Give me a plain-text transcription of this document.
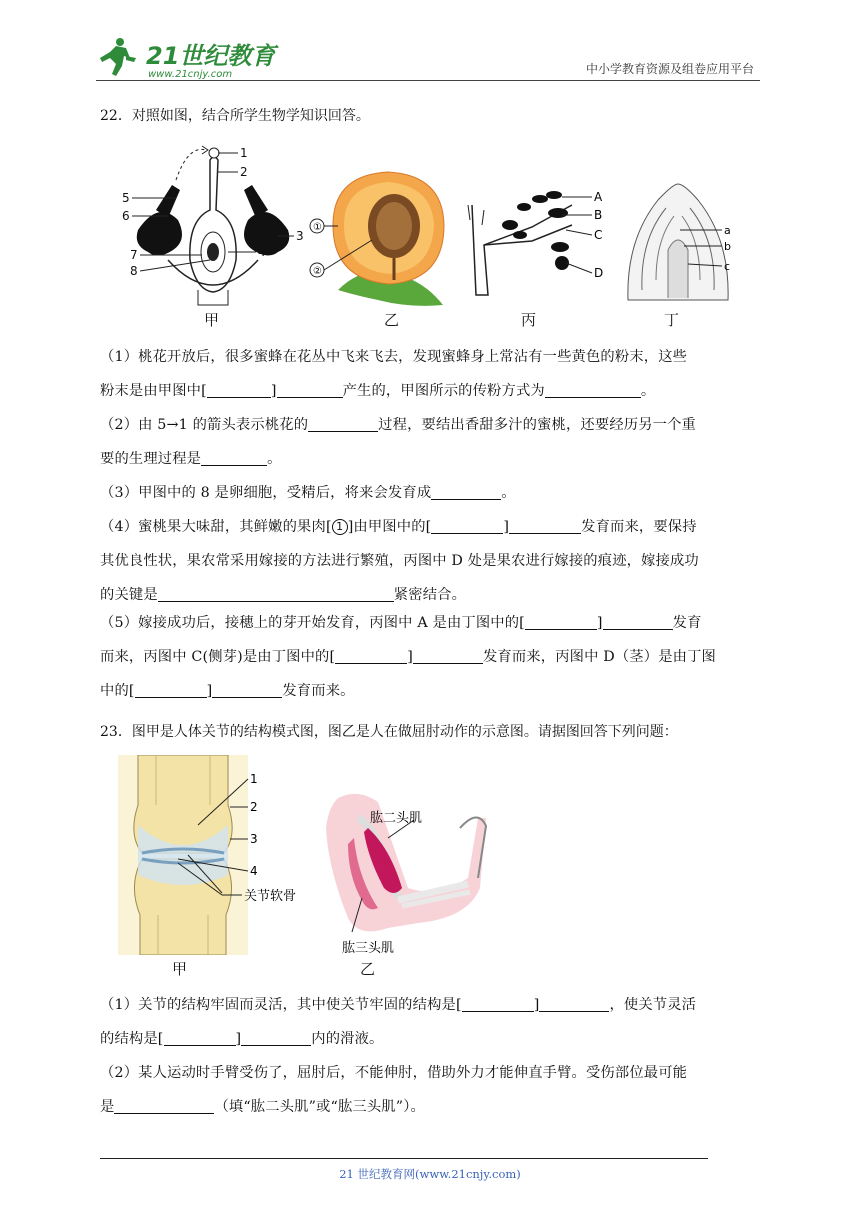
21世纪教育
www.21cnjy.com	中小学教育资源及组卷应用平台
22．对照如图，结合所学生物学知识回答。
1
2
3
4
5
6
7
8
甲
①
②
乙
A
B
C
D
丙
a
b
c
丁
（1）桃花开放后，很多蜜蜂在花丛中飞来飞去，发现蜜蜂身上常沾有一些黄色的粉末，这些
粉末是由甲图中[	]	产生的，甲图所示的传粉方式为	。
（2）由 5→1 的箭头表示桃花的	过程，要结出香甜多汁的蜜桃，还要经历另一个重
要的生理过程是	。
（3）甲图中的 8 是卵细胞，受精后，将来会发育成	。
（4）蜜桃果大味甜，其鲜嫩的果肉[ 1 ]由甲图中的[	]	发育而来，要保持
其优良性状，果农常采用嫁接的方法进行繁殖，丙图中 D 处是果农进行嫁接的痕迹，嫁接成功
的关键是	紧密结合。
（5）嫁接成功后，接穗上的芽开始发育，丙图中 A 是由丁图中的[	]	发育
而来，丙图中 C(侧芽)是由丁图中的[	]	发育而来，丙图中 D（茎）是由丁图
中的[	]	发育而来。
23．图甲是人体关节的结构模式图，图乙是人在做屈肘动作的示意图。请据图回答下列问题：
1
2
3
4
关节软骨
甲
肱二头肌
肱三头肌
乙
（1）关节的结构牢固而灵活，其中使关节牢固的结构是[	]	，使关节灵活
的结构是[	]	内的滑液。
（2）某人运动时手臂受伤了，屈肘后，不能伸肘，借助外力才能伸直手臂。受伤部位最可能
是	（填“肱二头肌”或“肱三头肌”）。
21 世纪教育网(www.21cnjy.com)
